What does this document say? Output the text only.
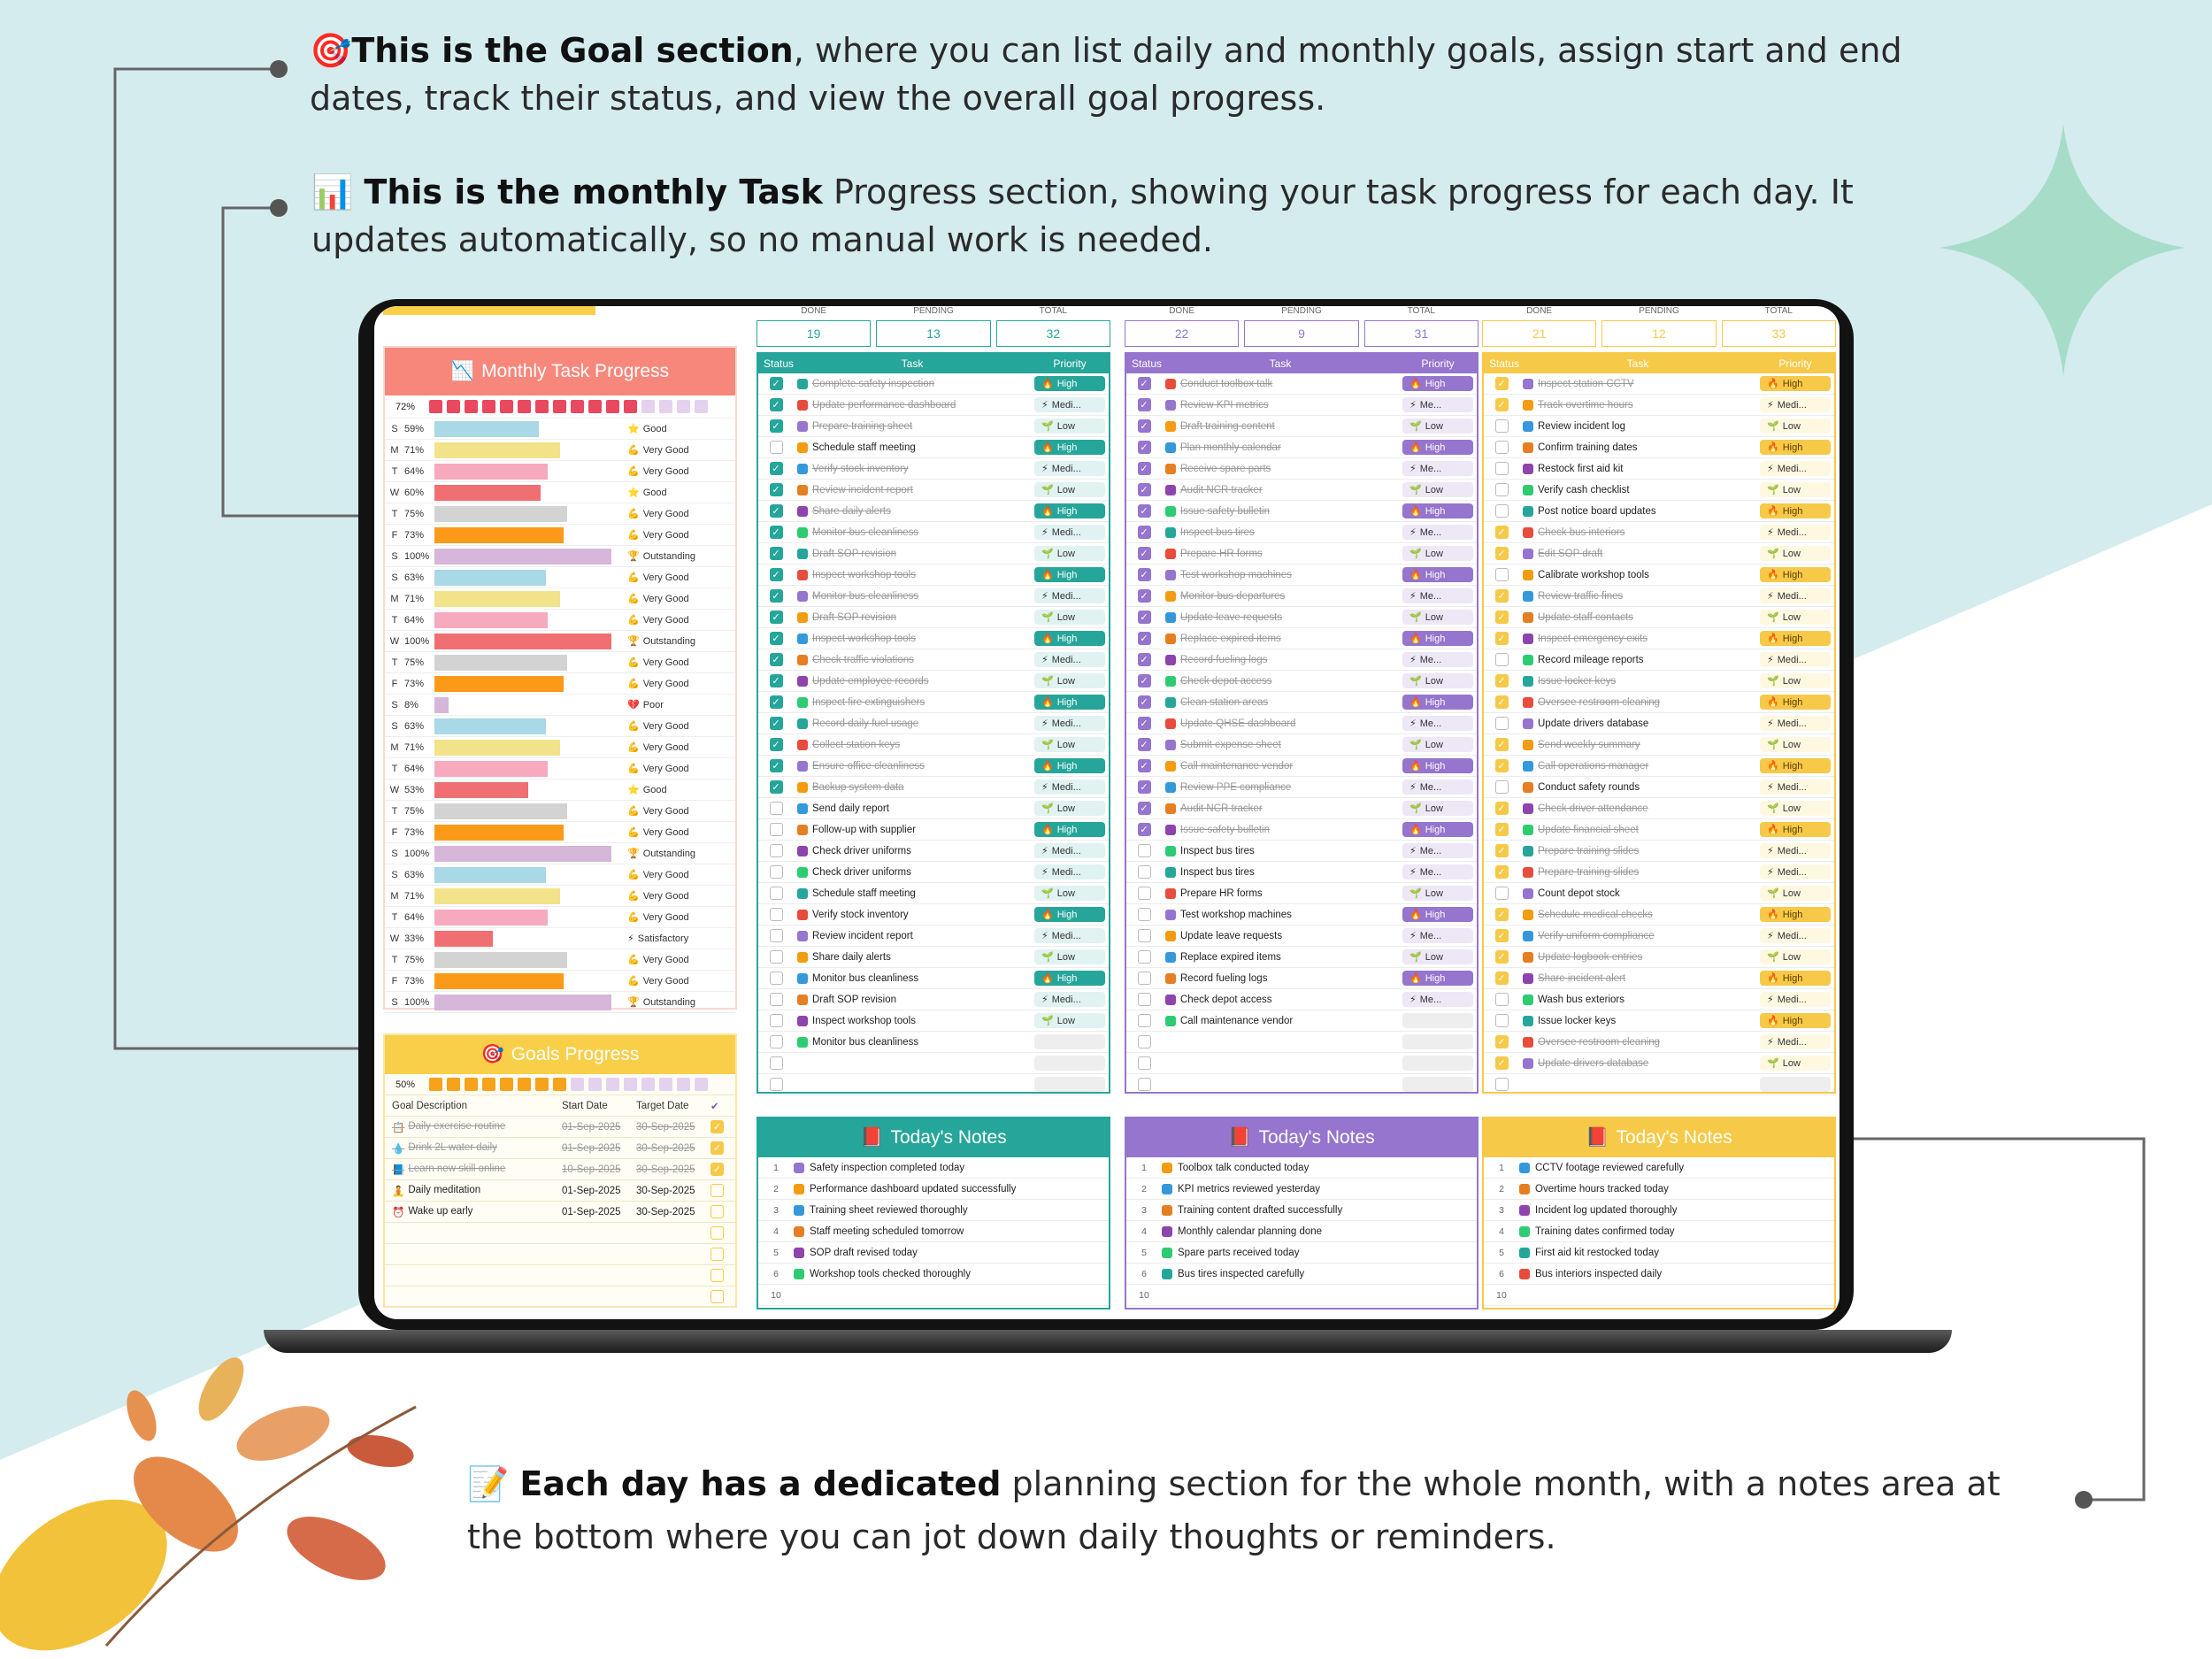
🎯This is the Goal section, where you can list daily and monthly goals, assign start and end dates, track their status, and view the overall goal progress.
📊 This is the monthly Task Progress section, showing your task progress for each day. It updates automatically, so no manual work is needed.
📝 Each day has a dedicated planning section for the whole month, with a notes area at the bottom where you can jot down daily thoughts or reminders.
📉 Monthly Task Progress
72%
S 59%	⭐ Good
M 71%	💪 Very Good
T 64%	💪 Very Good
W 60%	⭐ Good
T 75%	💪 Very Good
F 73%	💪 Very Good
S 100%	🏆 Outstanding
S 63%	💪 Very Good
M 71%	💪 Very Good
T 64%	💪 Very Good
W 100%	🏆 Outstanding
T 75%	💪 Very Good
F 73%	💪 Very Good
S 8%	💔 Poor
S 63%	💪 Very Good
M 71%	💪 Very Good
T 64%	💪 Very Good
W 53%	⭐ Good
T 75%	💪 Very Good
F 73%	💪 Very Good
S 100%	🏆 Outstanding
S 63%	💪 Very Good
M 71%	💪 Very Good
T 64%	💪 Very Good
W 33%	⚡ Satisfactory
T 75%	💪 Very Good
F 73%	💪 Very Good
S 100%	🏆 Outstanding
🎯 Goals Progress
50%
Goal Description	Start Date	Target Date	✔
📋 Daily exercise routine	01-Sep-2025	30-Sep-2025	✓
💧 Drink 2L water daily	01-Sep-2025	30-Sep-2025	✓
📘 Learn new skill online	10-Sep-2025	30-Sep-2025	✓
🧘 Daily meditation	01-Sep-2025	30-Sep-2025
⏰ Wake up early	01-Sep-2025	30-Sep-2025
DONE	PENDING	TOTAL
19	13	32
Status	Task	Priority
✓	Complete safety inspection	🔥 High
✓	Update performance dashboard	⚡ Medi...
✓	Prepare training sheet	🌱 Low
Schedule staff meeting	🔥 High
✓	Verify stock inventory	⚡ Medi...
✓	Review incident report	🌱 Low
✓	Share daily alerts	🔥 High
✓	Monitor bus cleanliness	⚡ Medi...
✓	Draft SOP revision	🌱 Low
✓	Inspect workshop tools	🔥 High
✓	Monitor bus cleanliness	⚡ Medi...
✓	Draft SOP revision	🌱 Low
✓	Inspect workshop tools	🔥 High
✓	Check traffic violations	⚡ Medi...
✓	Update employee records	🌱 Low
✓	Inspect fire extinguishers	🔥 High
✓	Record daily fuel usage	⚡ Medi...
✓	Collect station keys	🌱 Low
✓	Ensure office cleanliness	🔥 High
✓	Backup system data	⚡ Medi...
Send daily report	🌱 Low
Follow-up with supplier	🔥 High
Check driver uniforms	⚡ Medi...
Check driver uniforms	⚡ Medi...
Schedule staff meeting	🌱 Low
Verify stock inventory	🔥 High
Review incident report	⚡ Medi...
Share daily alerts	🌱 Low
Monitor bus cleanliness	🔥 High
Draft SOP revision	⚡ Medi...
Inspect workshop tools	🌱 Low
Monitor bus cleanliness
📕 Today's Notes
1	Safety inspection completed today
2	Performance dashboard updated successfully
3	Training sheet reviewed thoroughly
4	Staff meeting scheduled tomorrow
5	SOP draft revised today
6	Workshop tools checked thoroughly
10
DONE	PENDING	TOTAL
22	9	31
Status	Task	Priority
✓	Conduct toolbox talk	🔥 High
✓	Review KPI metrics	⚡ Me...
✓	Draft training content	🌱 Low
✓	Plan monthly calendar	🔥 High
✓	Receive spare parts	⚡ Me...
✓	Audit NCR tracker	🌱 Low
✓	Issue safety bulletin	🔥 High
✓	Inspect bus tires	⚡ Me...
✓	Prepare HR forms	🌱 Low
✓	Test workshop machines	🔥 High
✓	Monitor bus departures	⚡ Me...
✓	Update leave requests	🌱 Low
✓	Replace expired items	🔥 High
✓	Record fueling logs	⚡ Me...
✓	Check depot access	🌱 Low
✓	Clean station areas	🔥 High
✓	Update QHSE dashboard	⚡ Me...
✓	Submit expense sheet	🌱 Low
✓	Call maintenance vendor	🔥 High
✓	Review PPE compliance	⚡ Me...
✓	Audit NCR tracker	🌱 Low
✓	Issue safety bulletin	🔥 High
Inspect bus tires	⚡ Me...
Inspect bus tires	⚡ Me...
Prepare HR forms	🌱 Low
Test workshop machines	🔥 High
Update leave requests	⚡ Me...
Replace expired items	🌱 Low
Record fueling logs	🔥 High
Check depot access	⚡ Me...
Call maintenance vendor
📕 Today's Notes
1	Toolbox talk conducted today
2	KPI metrics reviewed yesterday
3	Training content drafted successfully
4	Monthly calendar planning done
5	Spare parts received today
6	Bus tires inspected carefully
10
DONE	PENDING	TOTAL
21	12	33
Status	Task	Priority
✓	Inspect station CCTV	🔥 High
✓	Track overtime hours	⚡ Medi...
Review incident log	🌱 Low
Confirm training dates	🔥 High
Restock first aid kit	⚡ Medi...
Verify cash checklist	🌱 Low
Post notice board updates	🔥 High
✓	Check bus interiors	⚡ Medi...
✓	Edit SOP draft	🌱 Low
Calibrate workshop tools	🔥 High
✓	Review traffic fines	⚡ Medi...
✓	Update staff contacts	🌱 Low
✓	Inspect emergency exits	🔥 High
Record mileage reports	⚡ Medi...
✓	Issue locker keys	🌱 Low
✓	Oversee restroom cleaning	🔥 High
Update drivers database	⚡ Medi...
✓	Send weekly summary	🌱 Low
✓	Call operations manager	🔥 High
Conduct safety rounds	⚡ Medi...
✓	Check driver attendance	🌱 Low
✓	Update financial sheet	🔥 High
✓	Prepare training slides	⚡ Medi...
✓	Prepare training slides	⚡ Medi...
Count depot stock	🌱 Low
✓	Schedule medical checks	🔥 High
✓	Verify uniform compliance	⚡ Medi...
✓	Update logbook entries	🌱 Low
✓	Share incident alert	🔥 High
Wash bus exteriors	⚡ Medi...
Issue locker keys	🔥 High
✓	Oversee restroom cleaning	⚡ Medi...
✓	Update drivers database	🌱 Low
📕 Today's Notes
1	CCTV footage reviewed carefully
2	Overtime hours tracked today
3	Incident log updated thoroughly
4	Training dates confirmed today
5	First aid kit restocked today
6	Bus interiors inspected daily
10
